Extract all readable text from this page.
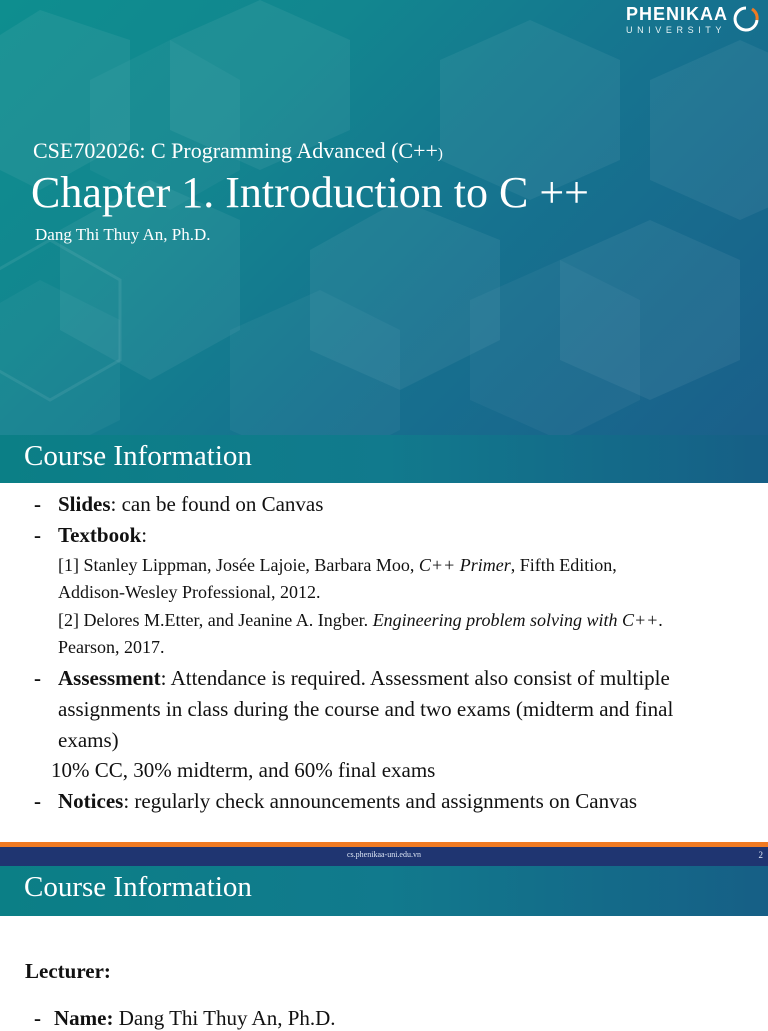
PHENIKAA
UNIVERSITY
CSE702026: C Programming Advanced (C++)
Chapter 1. Introduction to C ++
Dang Thi Thuy An, Ph.D.
Course Information
- Slides: can be found on Canvas
- Textbook:
[1] Stanley Lippman, Josée Lajoie, Barbara Moo, C++ Primer, Fifth Edition,
Addison-Wesley Professional, 2012.
[2] Delores M.Etter, and Jeanine A. Ingber. Engineering problem solving with C++.
Pearson, 2017.
- Assessment: Attendance is required. Assessment also consist of multiple
assignments in class during the course and two exams (midterm and final
exams)
10% CC, 30% midterm, and 60% final exams
- Notices: regularly check announcements and assignments on Canvas
cs.phenikaa-uni.edu.vn	2
Course Information
Lecturer:
- Name: Dang Thi Thuy An, Ph.D.
